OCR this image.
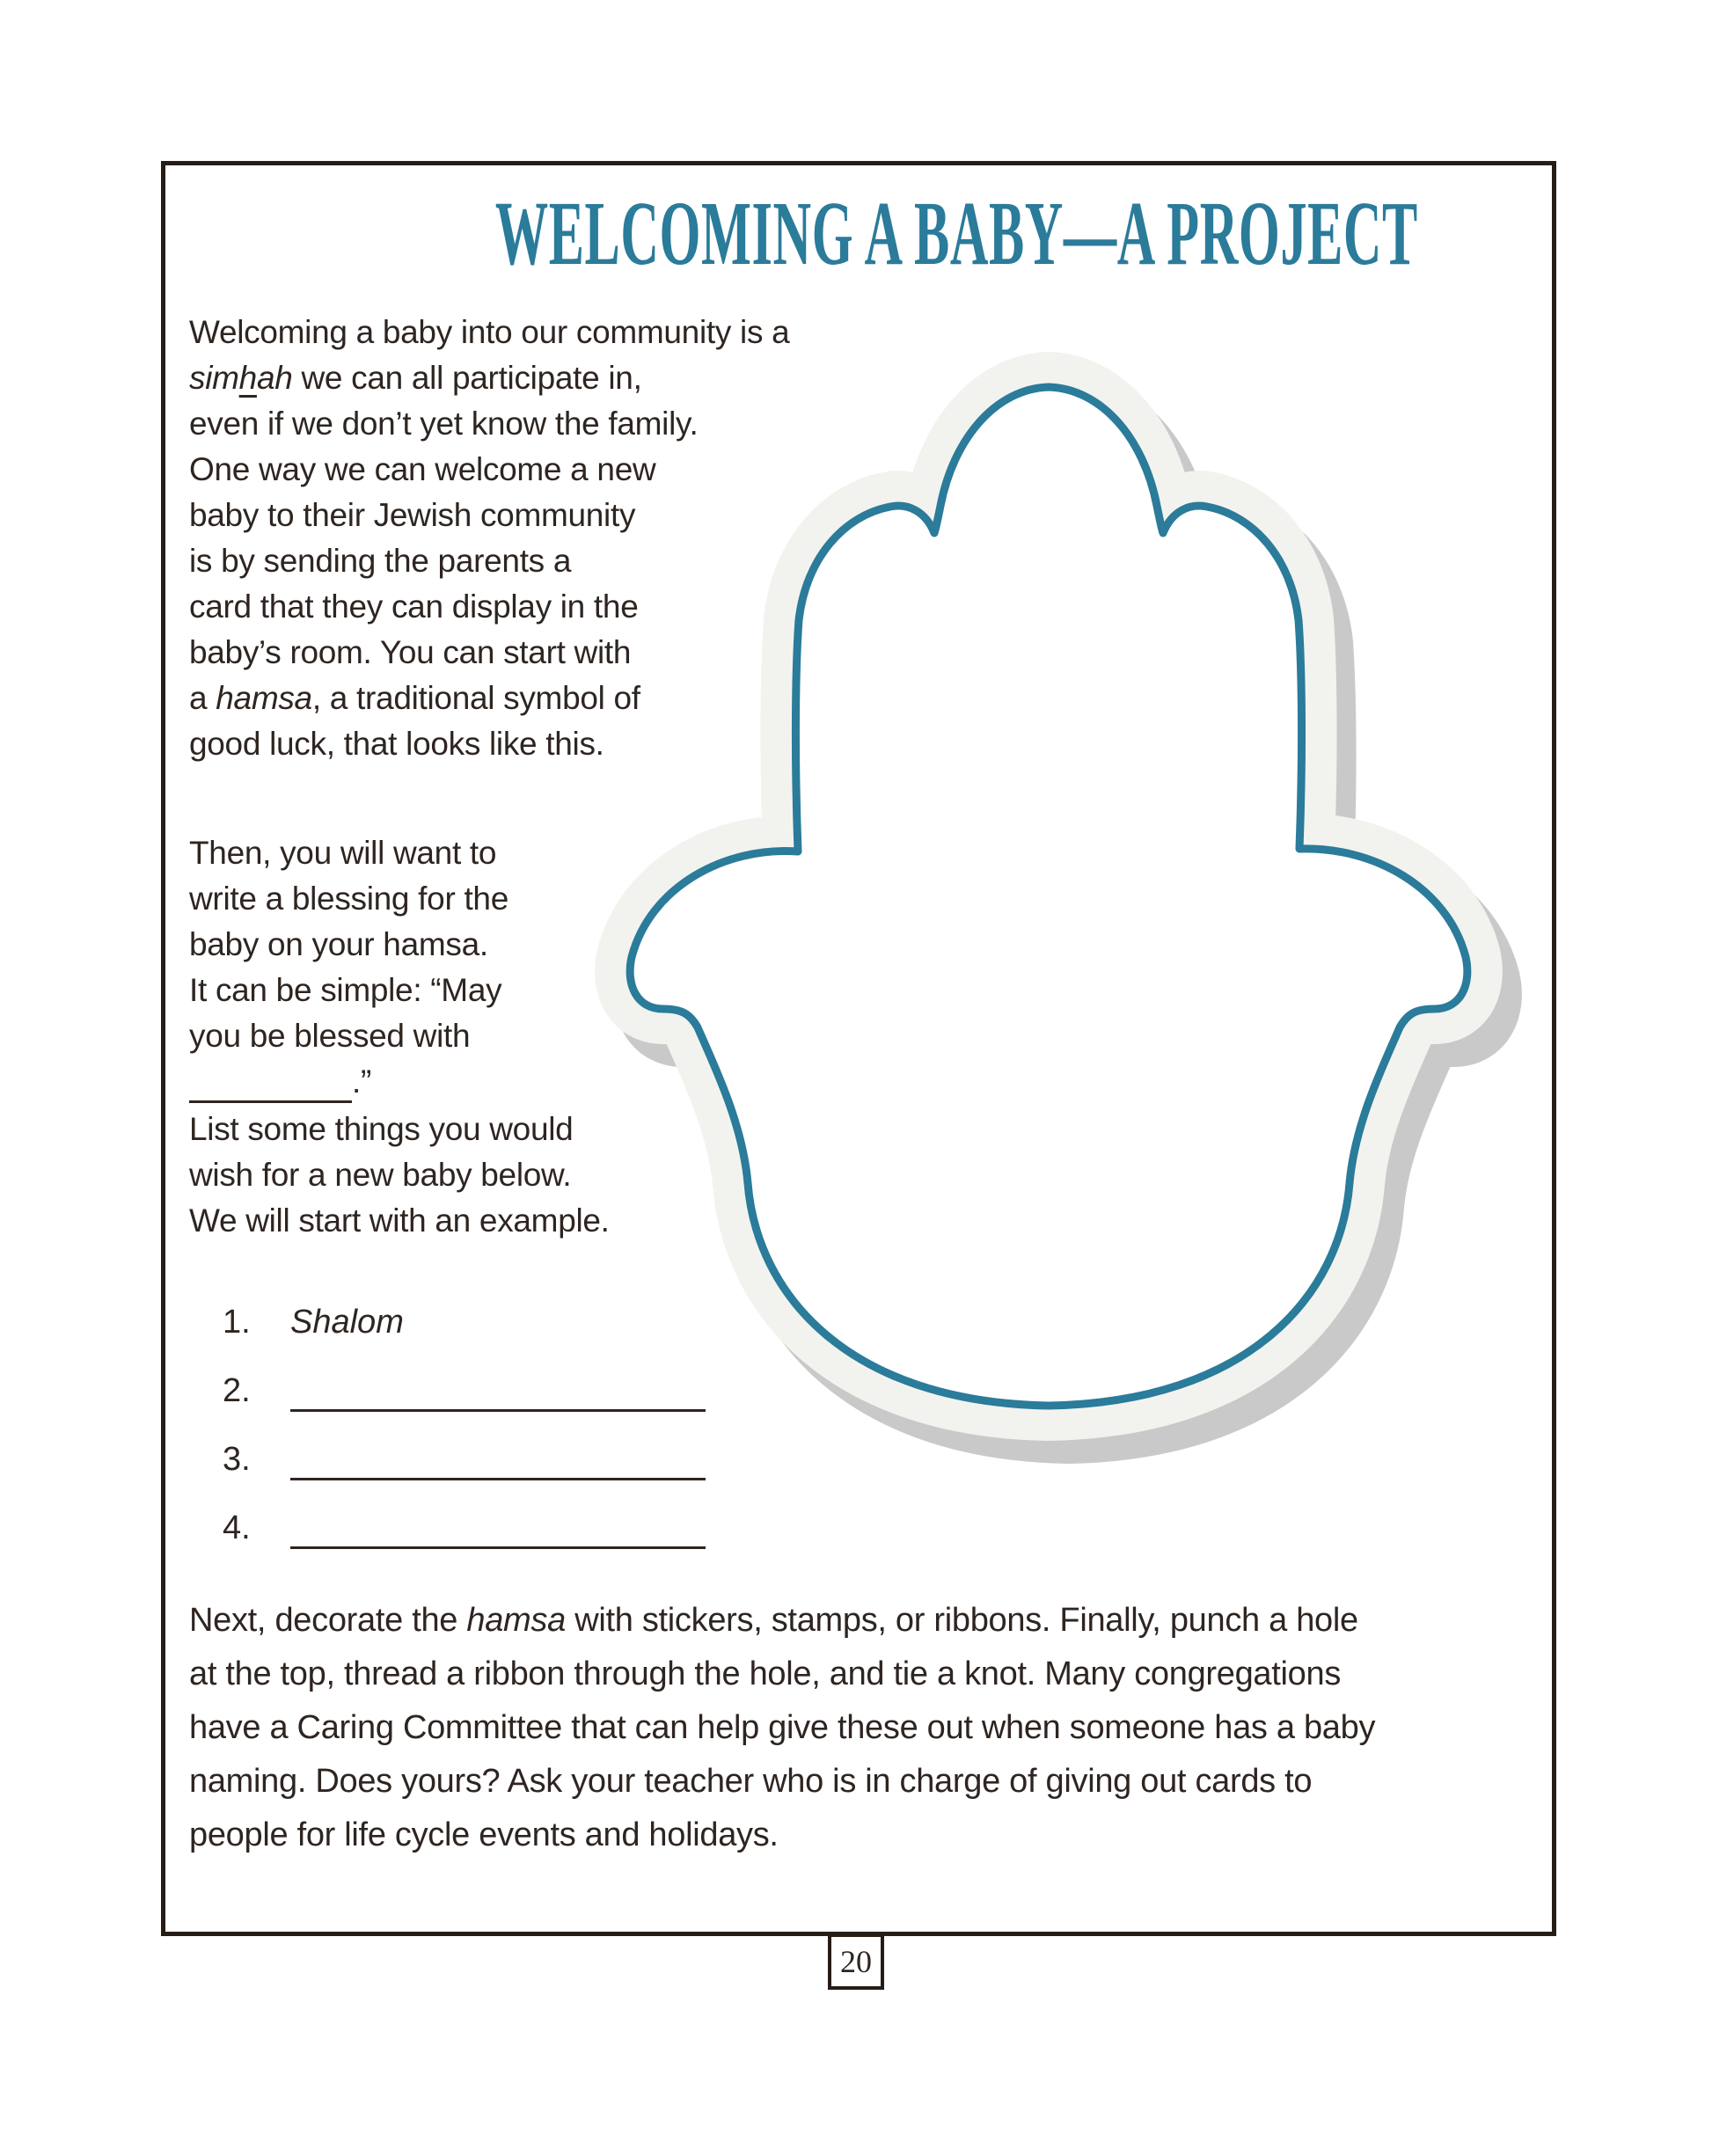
WELCOMING A BABY—A PROJECT
Welcoming a baby into our community is a
simhah we can all participate in,
even if we don’t yet know the family.
One way we can welcome a new
baby to their Jewish community
is by sending the parents a
card that they can display in the
baby’s room. You can start with
a hamsa, a traditional symbol of
good luck, that looks like this.
Then, you will want to
write a blessing for the
baby on your hamsa.
It can be simple: “May
you be blessed with
.”
List some things you would
wish for a new baby below.
We will start with an example.
1. Shalom
2.
3.
4.
Next, decorate the hamsa with stickers, stamps, or ribbons. Finally, punch a hole
at the top, thread a ribbon through the hole, and tie a knot. Many congregations
have a Caring Committee that can help give these out when someone has a baby
naming. Does yours? Ask your teacher who is in charge of giving out cards to
people for life cycle events and holidays.
20
